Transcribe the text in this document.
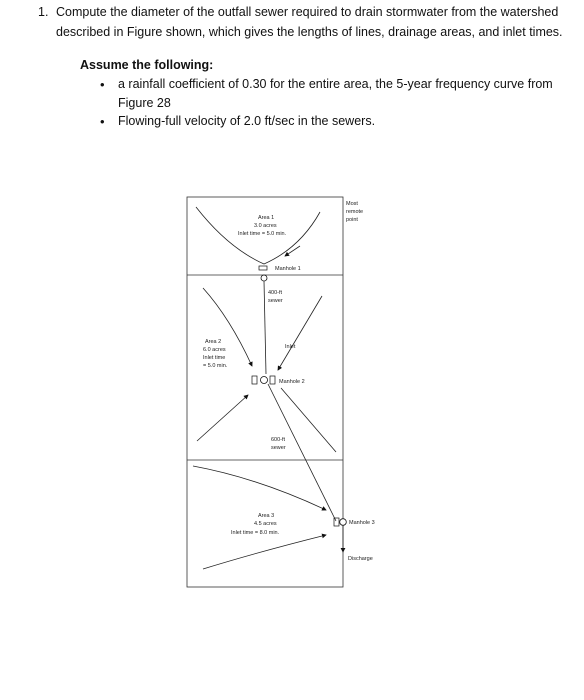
1. Compute the diameter of the outfall sewer required to drain stormwater from the watershed described in Figure shown, which gives the lengths of lines, drainage areas, and inlet times.
Assume the following:
• a rainfall coefficient of 0.30 for the entire area, the 5-year frequency curve from Figure 28
• Flowing-full velocity of 2.0 ft/sec in the sewers.
Most
remote
point
Area 1
3.0 acres
Inlet time = 5.0 min.
Manhole 1
400-ft
sewer
Area 2
6.0 acres
Inlet time
= 5.0 min.
Inlet
Manhole 2
600-ft
sewer
Area 3
4.5 acres
Inlet time = 8.0 min.
Manhole 3
Discharge
